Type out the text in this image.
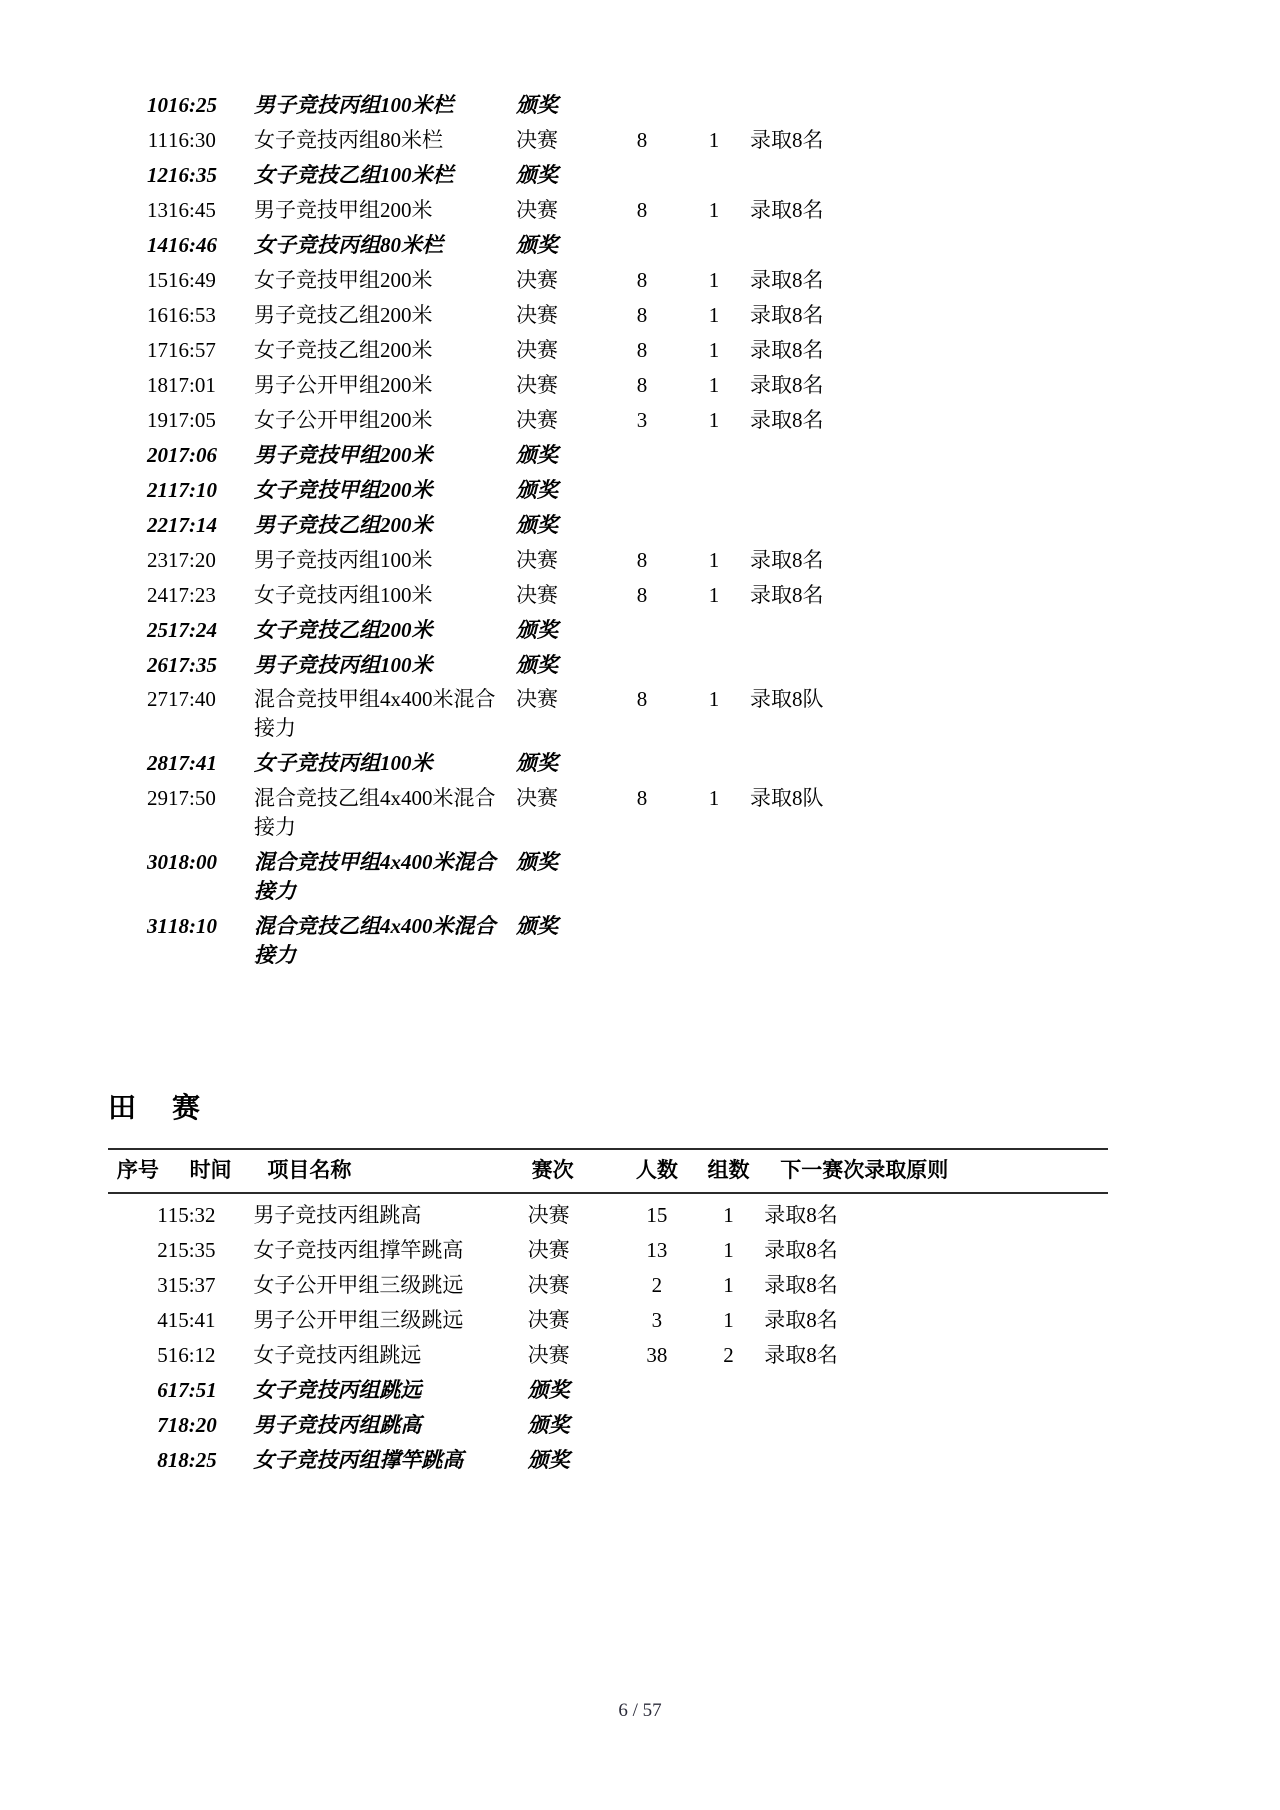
10	16:25	男子竞技丙组100米栏	颁奖			
11	16:30	女子竞技丙组80米栏	决赛	8	1	录取8名
12	16:35	女子竞技乙组100米栏	颁奖			
13	16:45	男子竞技甲组200米	决赛	8	1	录取8名
14	16:46	女子竞技丙组80米栏	颁奖			
15	16:49	女子竞技甲组200米	决赛	8	1	录取8名
16	16:53	男子竞技乙组200米	决赛	8	1	录取8名
17	16:57	女子竞技乙组200米	决赛	8	1	录取8名
18	17:01	男子公开甲组200米	决赛	8	1	录取8名
19	17:05	女子公开甲组200米	决赛	3	1	录取8名
20	17:06	男子竞技甲组200米	颁奖			
21	17:10	女子竞技甲组200米	颁奖			
22	17:14	男子竞技乙组200米	颁奖			
23	17:20	男子竞技丙组100米	决赛	8	1	录取8名
24	17:23	女子竞技丙组100米	决赛	8	1	录取8名
25	17:24	女子竞技乙组200米	颁奖			
26	17:35	男子竞技丙组100米	颁奖			
27	17:40	混合竞技甲组4x400米混合接力	决赛	8	1	录取8队
28	17:41	女子竞技丙组100米	颁奖			
29	17:50	混合竞技乙组4x400米混合接力	决赛	8	1	录取8队
30	18:00	混合竞技甲组4x400米混合接力	颁奖			
31	18:10	混合竞技乙组4x400米混合接力	颁奖			
田 赛
序号	时间	项目名称	赛次	人数	组数	下一赛次录取原则
1	15:32	男子竞技丙组跳高	决赛	15	1	录取8名
2	15:35	女子竞技丙组撑竿跳高	决赛	13	1	录取8名
3	15:37	女子公开甲组三级跳远	决赛	2	1	录取8名
4	15:41	男子公开甲组三级跳远	决赛	3	1	录取8名
5	16:12	女子竞技丙组跳远	决赛	38	2	录取8名
6	17:51	女子竞技丙组跳远	颁奖			
7	18:20	男子竞技丙组跳高	颁奖			
8	18:25	女子竞技丙组撑竿跳高	颁奖			
6 / 57
